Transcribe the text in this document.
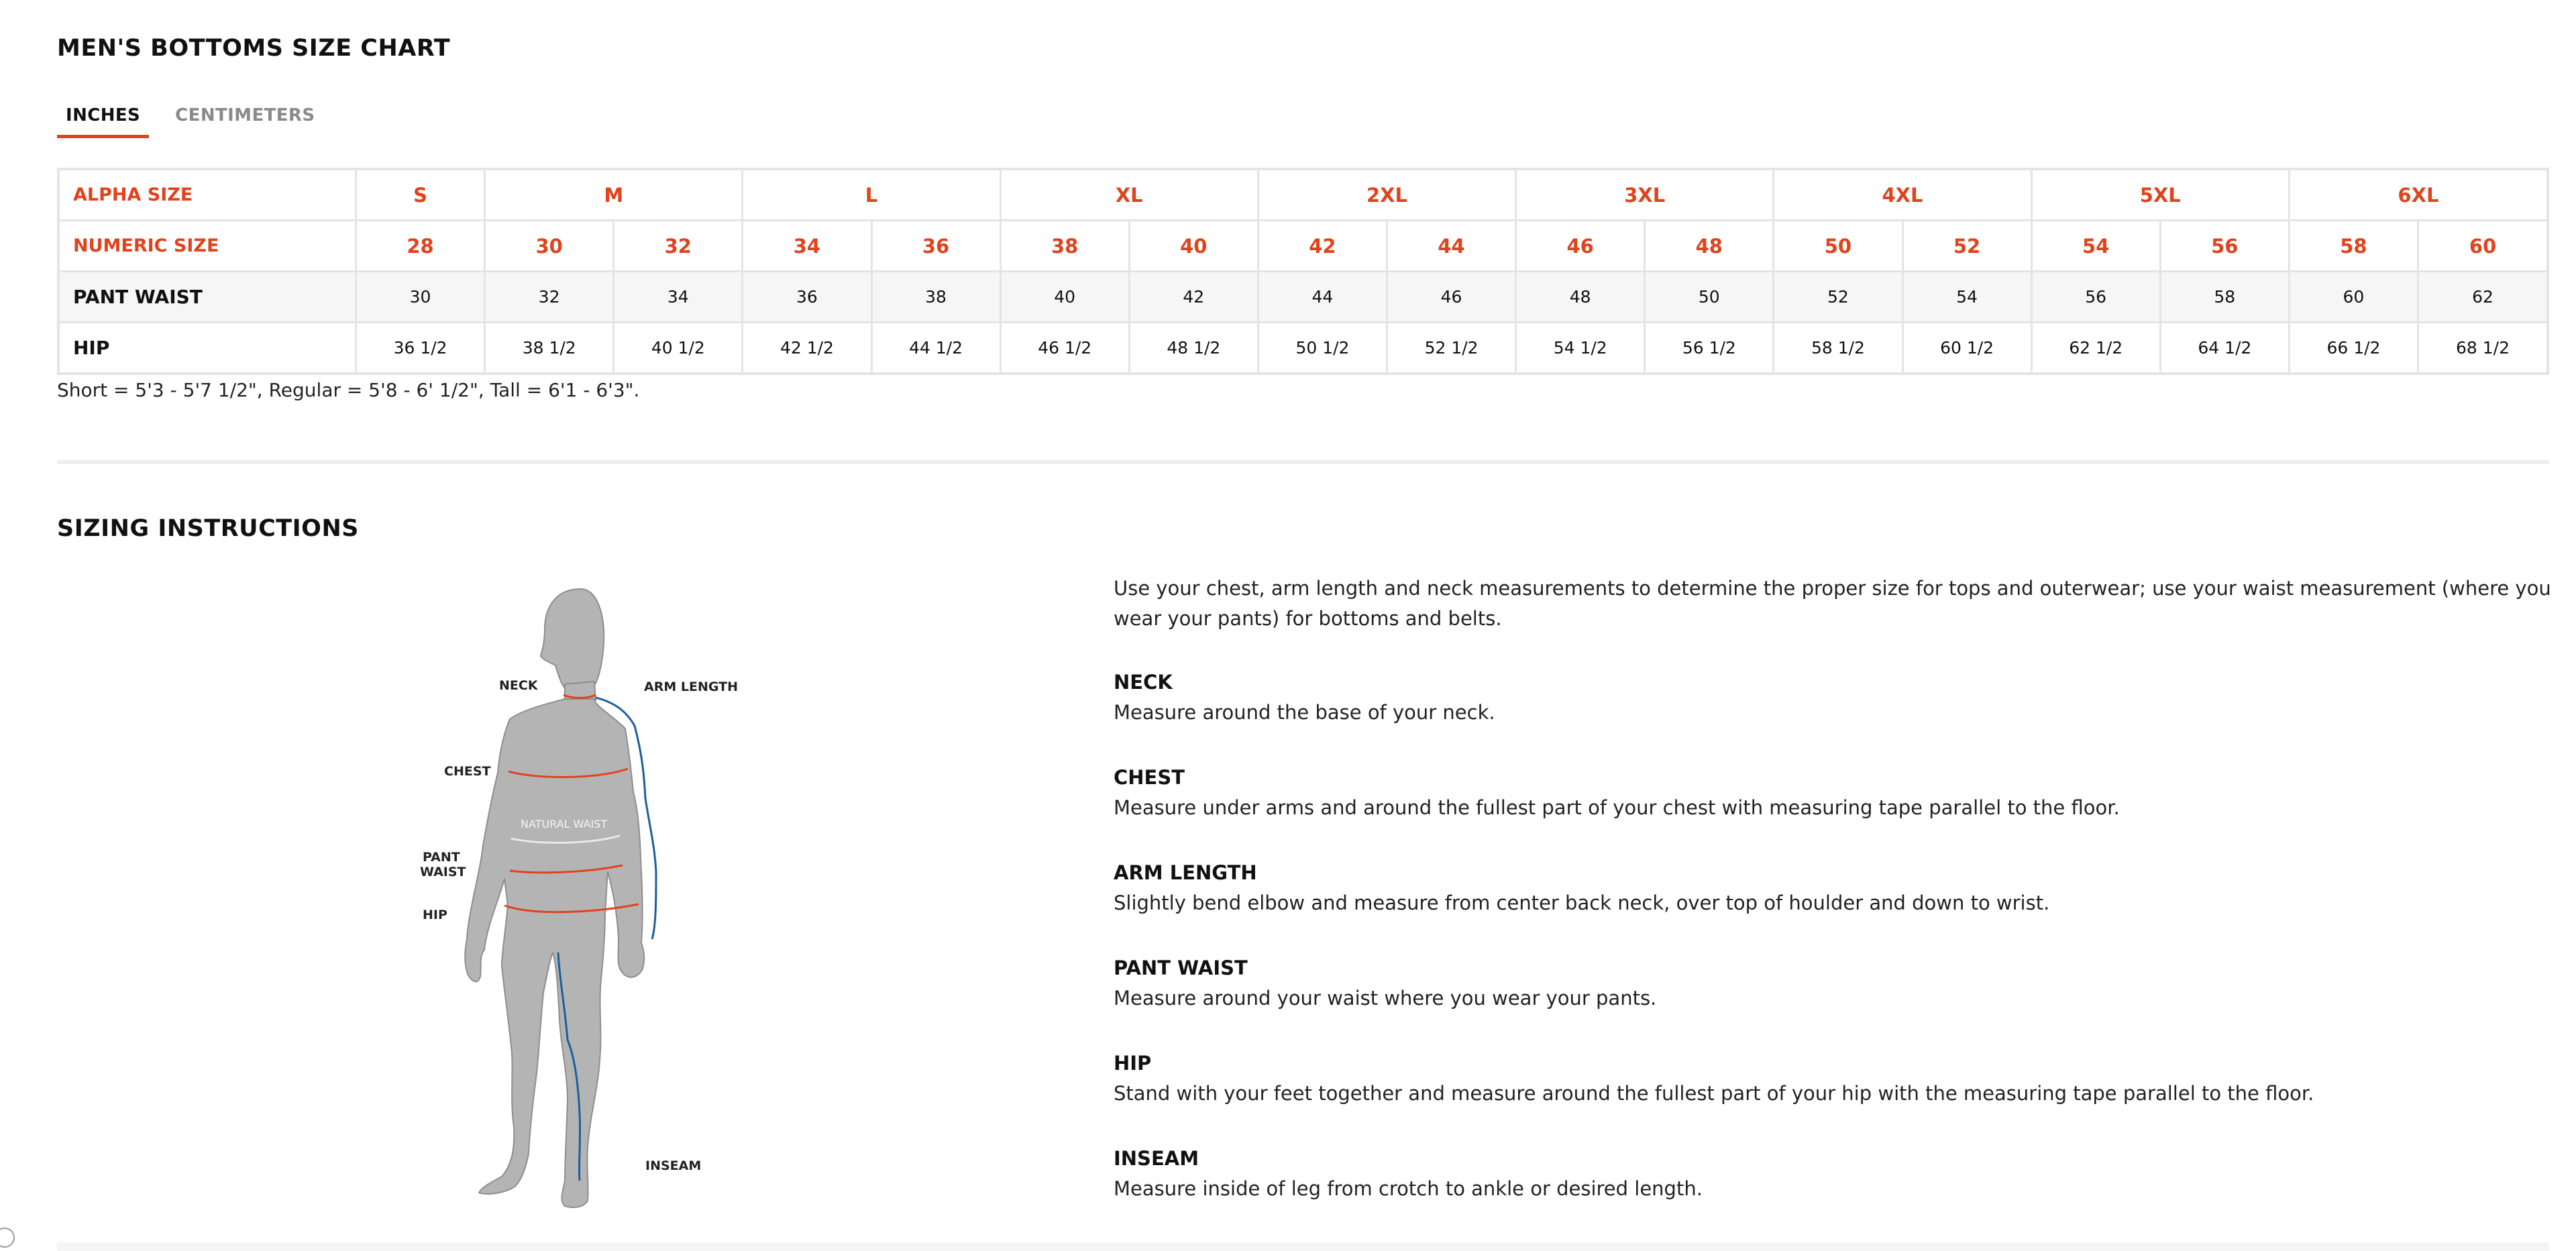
MEN'S BOTTOMS SIZE CHART
INCHES	CENTIMETERS
ALPHA SIZE	S	M		L		XL		2XL		3XL		4XL		5XL		6XL	
NUMERIC SIZE	28	30	32	34	36	38	40	42	44	46	48	50	52	54	56	58	60
PANT WAIST	30	32	34	36	38	40	42	44	46	48	50	52	54	56	58	60	62
HIP	36 1/2	38 1/2	40 1/2	42 1/2	44 1/2	46 1/2	48 1/2	50 1/2	52 1/2	54 1/2	56 1/2	58 1/2	60 1/2	62 1/2	64 1/2	66 1/2	68 1/2
Short = 5'3 - 5'7 1/2", Regular = 5'8 - 6' 1/2", Tall = 6'1 - 6'3".
SIZING INSTRUCTIONS
NECK	ARM LENGTH
CHEST
NATURAL WAIST
PANT
WAIST
HIP
INSEAM
Use your chest, arm length and neck measurements to determine the proper size for tops and outerwear; use your waist measurement (where you wear your pants) for bottoms and belts.
NECK
Measure around the base of your neck.
CHEST
Measure under arms and around the fullest part of your chest with measuring tape parallel to the floor.
ARM LENGTH
Slightly bend elbow and measure from center back neck, over top of houlder and down to wrist.
PANT WAIST
Measure around your waist where you wear your pants.
HIP
Stand with your feet together and measure around the fullest part of your hip with the measuring tape parallel to the floor.
INSEAM
Measure inside of leg from crotch to ankle or desired length.
